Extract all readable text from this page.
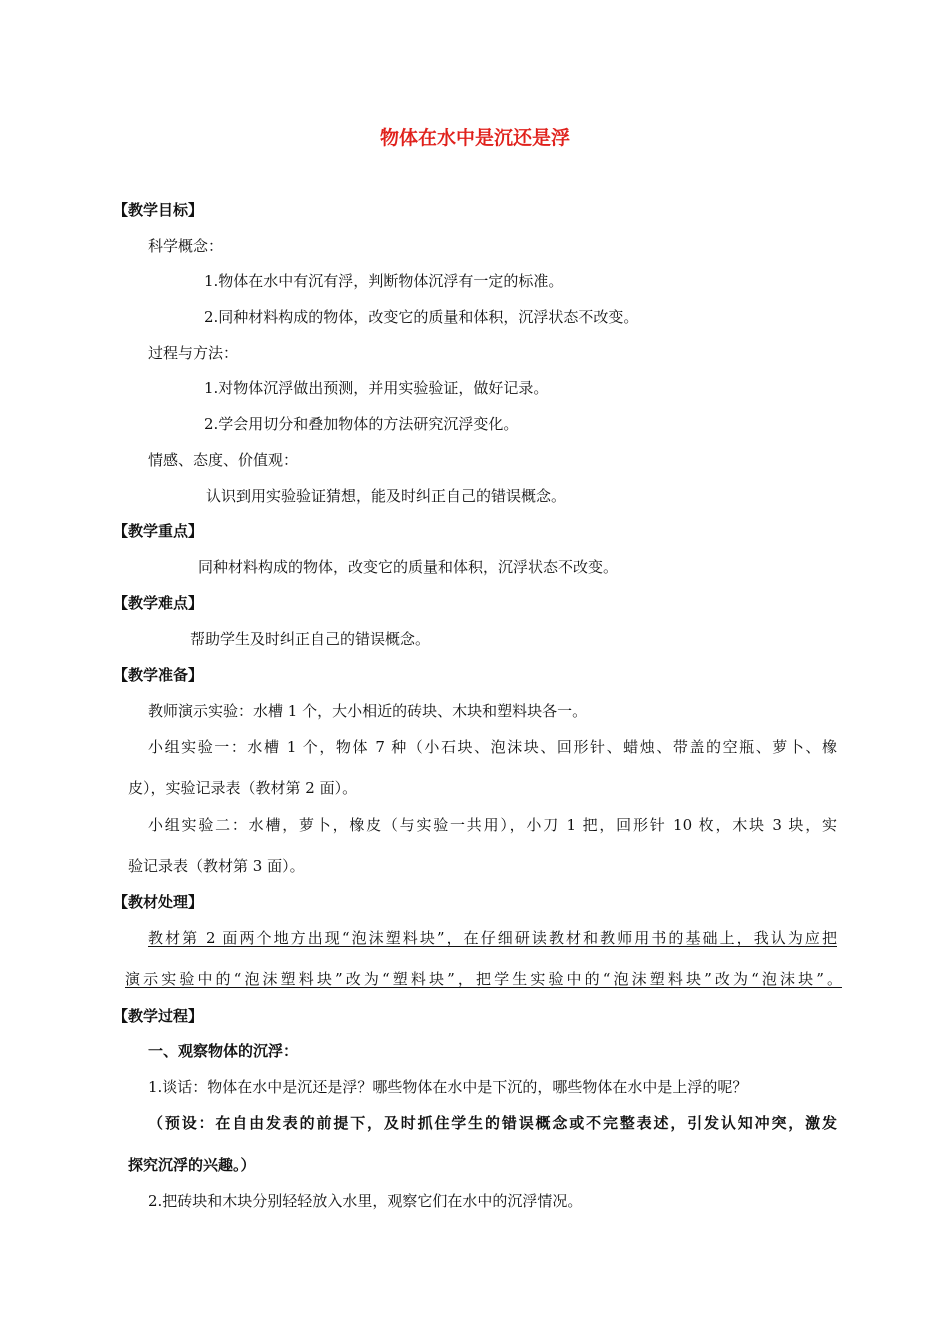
物体在水中是沉还是浮
【教学目标】
科学概念：
1.物体在水中有沉有浮，判断物体沉浮有一定的标准。
2.同种材料构成的物体，改变它的质量和体积，沉浮状态不改变。
过程与方法：
1.对物体沉浮做出预测，并用实验验证，做好记录。
2.学会用切分和叠加物体的方法研究沉浮变化。
情感、态度、价值观：
认识到用实验验证猜想，能及时纠正自己的错误概念。
【教学重点】
同种材料构成的物体，改变它的质量和体积，沉浮状态不改变。
【教学难点】
帮助学生及时纠正自己的错误概念。
【教学准备】
教师演示实验：水槽 1 个，大小相近的砖块、木块和塑料块各一。
小组实验一：水槽 1 个，物体 7 种（小石块、泡沫块、回形针、蜡烛、带盖的空瓶、萝卜、橡
皮），实验记录表（教材第 2 面）。
小组实验二：水槽，萝卜，橡皮（与实验一共用），小刀 1 把，回形针 10 枚，木块 3 块，实
验记录表（教材第 3 面）。
【教材处理】
教材第 2 面两个地方出现“泡沫塑料块”，在仔细研读教材和教师用书的基础上，我认为应把
演示实验中的“泡沫塑料块”改为“塑料块”，把学生实验中的“泡沫塑料块”改为“泡沫块”。
【教学过程】
一、观察物体的沉浮：
1.谈话：物体在水中是沉还是浮？哪些物体在水中是下沉的，哪些物体在水中是上浮的呢？
（预设：在自由发表的前提下，及时抓住学生的错误概念或不完整表述，引发认知冲突，激发
探究沉浮的兴趣。）
2.把砖块和木块分别轻轻放入水里，观察它们在水中的沉浮情况。
